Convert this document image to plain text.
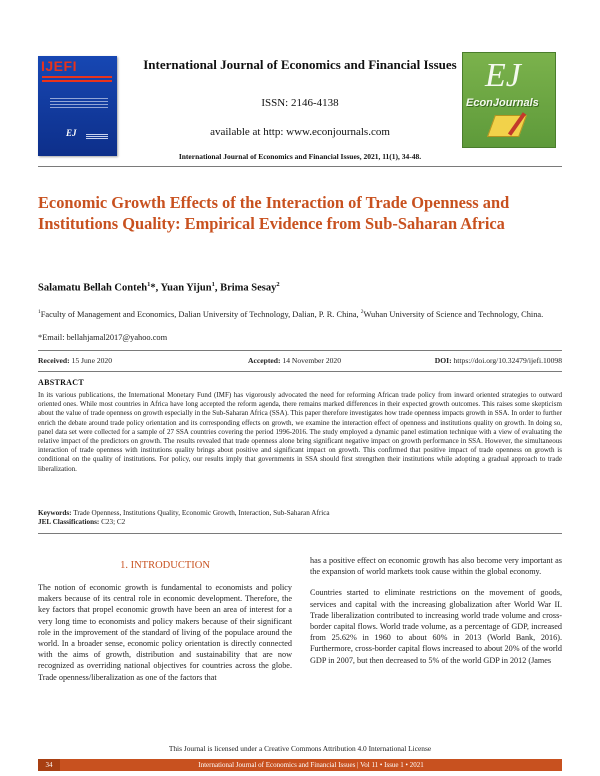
IJEFI
EJ
International Journal of Economics and Financial Issues
ISSN: 2146-4138
available at http: www.econjournals.com
International Journal of Economics and Financial Issues, 2021, 11(1), 34-48.
EJ
EconJournals
Economic Growth Effects of the Interaction of Trade Openness and Institutions Quality: Empirical Evidence from Sub-Saharan Africa
Salamatu Bellah Conteh$^1$*, Yuan Yijun$^1$, Brima Sesay$^2$
$^1$Faculty of Management and Economics, Dalian University of Technology, Dalian, P. R. China, $^2$Wuhan University of Science and Technology, China.
*Email: bellahjamal2017@yahoo.com
Received: 15 June 2020	Accepted: 14 November 2020	DOI: https://doi.org/10.32479/ijefi.10098
ABSTRACT
In its various publications, the International Monetary Fund (IMF) has vigorously advocated the need for reforming African trade policy from inward oriented strategies to outward oriented ones. While most countries in Africa have long accepted the reform agenda, there remains marked differences in their expected growth outcomes. This raises some skepticism about the value of trade openness on growth especially in the Sub-Saharan Africa (SSA). This paper therefore investigates how trade openness impacts growth in SSA. In order to further enrich the debate around trade policy orientation and its corresponding effects on growth, we examine the interaction effect of openness and institutions quality on growth. In doing so, panel data set were collected for a sample of 27 SSA countries covering the period 1996-2016. The study employed a dynamic panel estimation technique with a view of evaluating the relative impact of the predictors on growth. The results revealed that trade openness alone bring significant negative impact on growth performance in SSA. However, the simultaneous interaction of trade openness with institutions quality brings about positive and significant impact on growth. This confirmed that positive impact of trade openness on growth is conditional on the quality of institutions. For policy, our results imply that governments in SSA should first strengthen their institutions while adopting a gradual approach to trade liberalization.
Keywords: Trade Openness, Institutions Quality, Economic Growth, Interaction, Sub-Saharan Africa
JEL Classifications: C23; C2
1. INTRODUCTION

The notion of economic growth is fundamental to economists and policy makers because of its central role in economic development. Therefore, the key factors that propel economic growth have been an area of interest for a very long time to economists and policy makers because of their significant role in the improvement of the standard of living of the populace around the world. In a broader sense, economic policy orientation is directly connected with the aims of growth, distribution and sustainability that are now recognized as overriding national objectives for countries across the globe. Trade openness/liberalization as one of the factors that

has a positive effect on economic growth has also become very important as the expansion of world markets took cause within the global economy.

Countries started to eliminate restrictions on the movement of goods, services and capital with the increasing globalization after World War II. Trade liberalization contributed to increasing world trade volume and cross-border capital flows. World trade volume, as a percentage of GDP, increased from 25.62% in 1960 to about 60% in 2013 (World Bank, 2016). Furthermore, cross-border capital flows increased to about 20% of the world GDP in 2007, but then decreased to 5% of the world GDP in 2012 (James

This Journal is licensed under a Creative Commons Attribution 4.0 International License
34	International Journal of Economics and Financial Issues | Vol 11 • Issue 1 • 2021
